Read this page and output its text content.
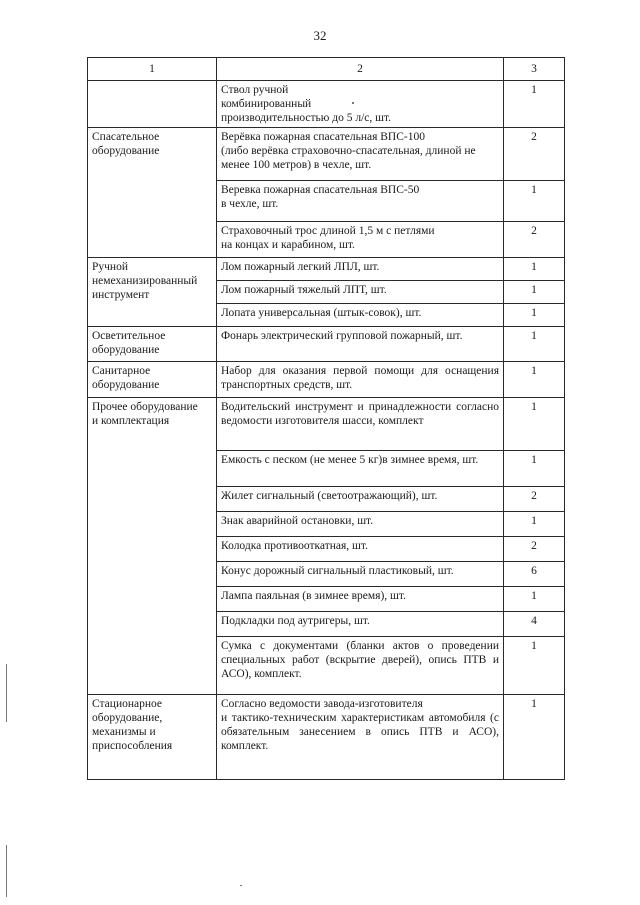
32
1	2	3
	Ствол ручной
комбинированный
производительностью до 5 л/с, шт.	1
Спасательное
оборудование	Верёвка пожарная спасательная ВПС-100
(либо верёвка страховочно-спасательная, длиной не менее 100 метров) в чехле, шт.	2
	Веревка пожарная спасательная ВПС-50
в чехле, шт.	1
	Страховочный трос длиной 1,5 м с петлями
на концах и карабином, шт.	2
Ручной
немеханизированный
инструмент	Лом пожарный легкий ЛПЛ, шт.	1
	Лом пожарный тяжелый ЛПТ, шт.	1
	Лопата универсальная (штык-совок), шт.	1
Осветительное
оборудование	Фонарь электрический групповой пожарный, шт.	1
Санитарное
оборудование	Набор для оказания первой помощи для оснащения транспортных средств, шт.	1
Прочее оборудование
и комплектация	Водительский инструмент и принадлежности согласно ведомости изготовителя шасси, комплект	1
	Емкость с песком (не менее 5 кг)в зимнее время, шт.	1
	Жилет сигнальный (светоотражающий), шт.	2
	Знак аварийной остановки, шт.	1
	Колодка противооткатная, шт.	2
	Конус дорожный сигнальный пластиковый, шт.	6
	Лампа паяльная (в зимнее время), шт.	1
	Подкладки под аутригеры, шт.	4
	Сумка с документами (бланки актов о проведении специальных работ (вскрытие дверей), опись ПТВ и АСО), комплект.	1
Стационарное
оборудование,
механизмы и
приспособления	Согласно ведомости завода-изготовителя
и тактико-техническим характеристикам автомобиля (с обязательным занесением в опись ПТВ и АСО), комплект.	1
